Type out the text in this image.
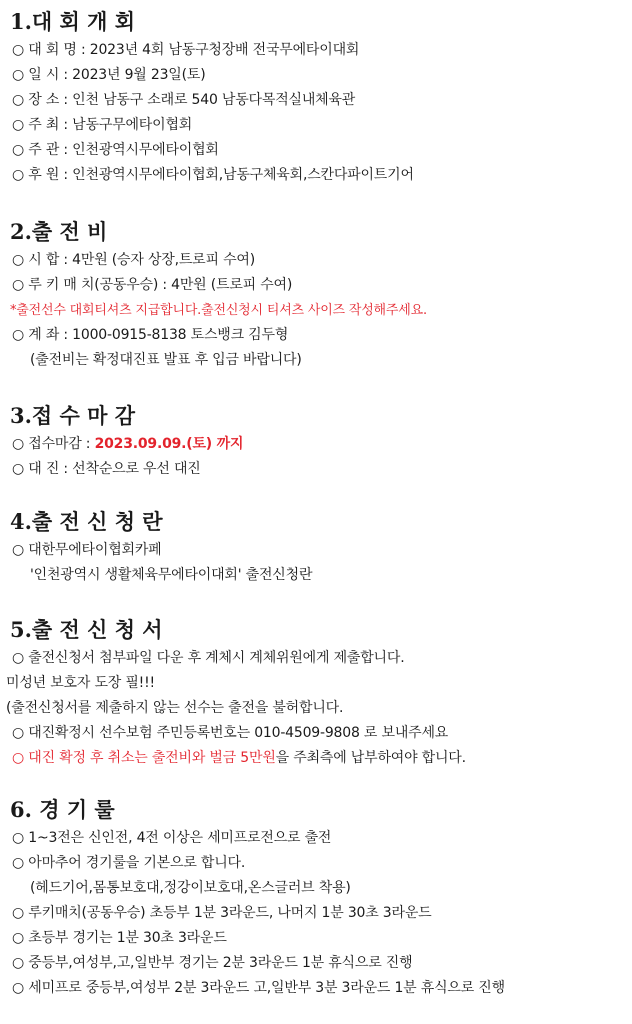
1.대 회 개 회
○ 대 회 명 : 2023년 4회 남동구청장배 전국무에타이대회
○ 일 시 : 2023년 9월 23일(토)
○ 장 소 : 인천 남동구 소래로 540 남동다목적실내체육관
○ 주 최 : 남동구무에타이협회
○ 주 관 : 인천광역시무에타이협회
○ 후 원 : 인천광역시무에타이협회,남동구체육회,스칸다파이트기어
2.출 전 비
○ 시 합 : 4만원 (승자 상장,트로피 수여)
○ 루 키 매 치(공동우승) : 4만원 (트로피 수여)
*출전선수 대회티셔츠 지급합니다.출전신청시 티셔츠 사이즈 작성해주세요.
○ 계 좌 : 1000-0915-8138 토스뱅크 김두형
(출전비는 확정대진표 발표 후 입금 바랍니다)
3.접 수 마 감
○ 접수마감 : 2023.09.09.(토) 까지
○ 대 진 : 선착순으로 우선 대진
4.출 전 신 청 란
○ 대한무에타이협회카페
'인천광역시 생활체육무에타이대회' 출전신청란
5.출 전 신 청 서
○ 출전신청서 첨부파일 다운 후 계체시 계체위원에게 제출합니다.
미성년 보호자 도장 필!!!
(출전신청서를 제출하지 않는 선수는 출전을 불허합니다.
○ 대진확정시 선수보험 주민등록번호는 010-4509-9808 로 보내주세요
○ 대진 확정 후 취소는 출전비와 벌금 5만원을 주최측에 납부하여야 합니다.
6. 경 기 룰
○ 1~3전은 신인전, 4전 이상은 세미프로전으로 출전
○ 아마추어 경기룰을 기본으로 합니다.
(헤드기어,몸통보호대,정강이보호대,온스글러브 착용)
○ 루키매치(공동우승) 초등부 1분 3라운드, 나머지 1분 30초 3라운드
○ 초등부 경기는 1분 30초 3라운드
○ 중등부,여성부,고,일반부 경기는 2분 3라운드 1분 휴식으로 진행
○ 세미프로 중등부,여성부 2분 3라운드 고,일반부 3분 3라운드 1분 휴식으로 진행
